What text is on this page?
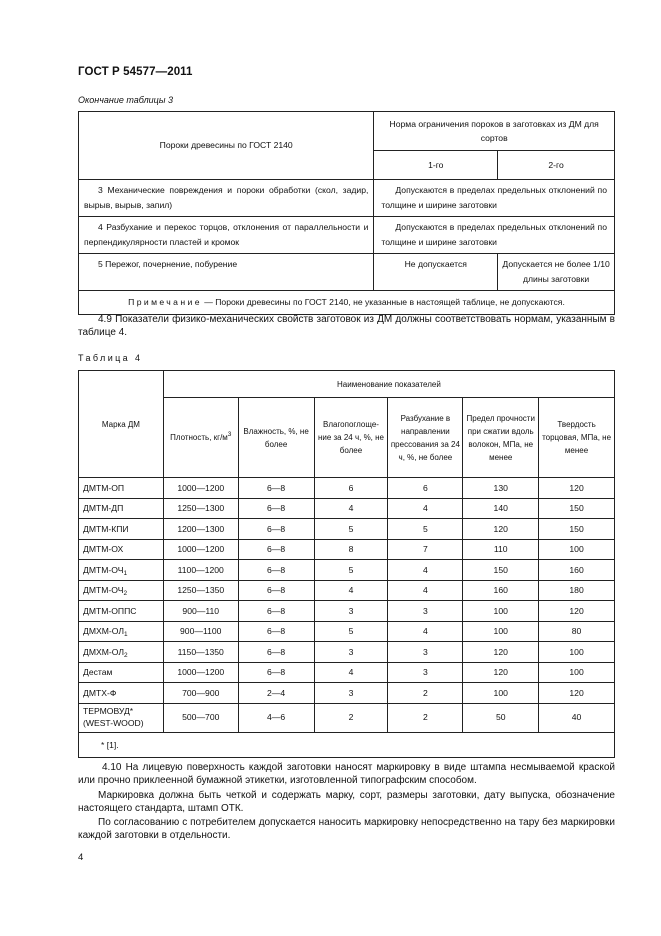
ГОСТ Р 54577—2011
Окончание таблицы 3
Пороки древесины по ГОСТ 2140	Норма ограничения пороков в заготовках из ДМ для сортов	
	1-го	2-го
3 Механические повреждения и пороки обработки (скол, задир, вырыв, вырыв, запил)	Допускаются в пределах предельных отклонений по толщине и ширине заготовки	
4 Разбухание и перекос торцов, отклонения от параллельности и перпендикулярности пластей и кромок	Допускаются в пределах предельных отклонений по толщине и ширине заготовки	
5 Пережог, почернение, побурение	Не допускается	Допускается не более 1/10 длины заготовки
Примечание — Пороки древесины по ГОСТ 2140, не указанные в настоящей таблице, не допускаются.		
4.9 Показатели физико-механических свойств заготовок из ДМ должны соответствовать нормам, указанным в таблице 4.
Таблица 4
Марка ДМ	Наименование показателей					
	Плотность, $кг/м^3$	Влажность, %, не более	Влагопоглоще-ние за 24 ч, %, не более	Разбухание в направлении прессования за 24 ч, %, не более	Предел прочности при сжатии вдоль волокон, МПа, не менее	Твердость торцовая, МПа, не менее
ДМТМ-ОП	1000—1200	6—8	6	6	130	120
ДМТМ-ДП	1250—1300	6—8	4	4	140	150
ДМТМ-КПИ	1200—1300	6—8	5	5	120	150
ДМТМ-ОХ	1000—1200	6—8	8	7	110	100
ДМТМ-$ОЧ_1$	1100—1200	6—8	5	4	150	160
ДМТМ-$ОЧ_2$	1250—1350	6—8	4	4	160	180
ДМТМ-ОППС	900—110	6—8	3	3	100	120
ДМХМ-$ОЛ_1$	900—1100	6—8	5	4	100	80
ДМХМ-$ОЛ_2$	1150—1350	6—8	3	3	120	100
Дестам	1000—1200	6—8	4	3	120	100
ДМТХ-Ф	700—900	2—4	3	2	100	120
ТЕРМОВУД*
(WEST-WOOD)	500—700	4—6	2	2	50	40
* [1].						
4.10 На лицевую поверхность каждой заготовки наносят маркировку в виде штампа несмываемой краской или прочно приклеенной бумажной этикетки, изготовленной типографским способом.
Маркировка должна быть четкой и содержать марку, сорт, размеры заготовки, дату выпуска, обозначение настоящего стандарта, штамп ОТК.
По согласованию с потребителем допускается наносить маркировку непосредственно на тару без маркировки каждой заготовки в отдельности.
4
